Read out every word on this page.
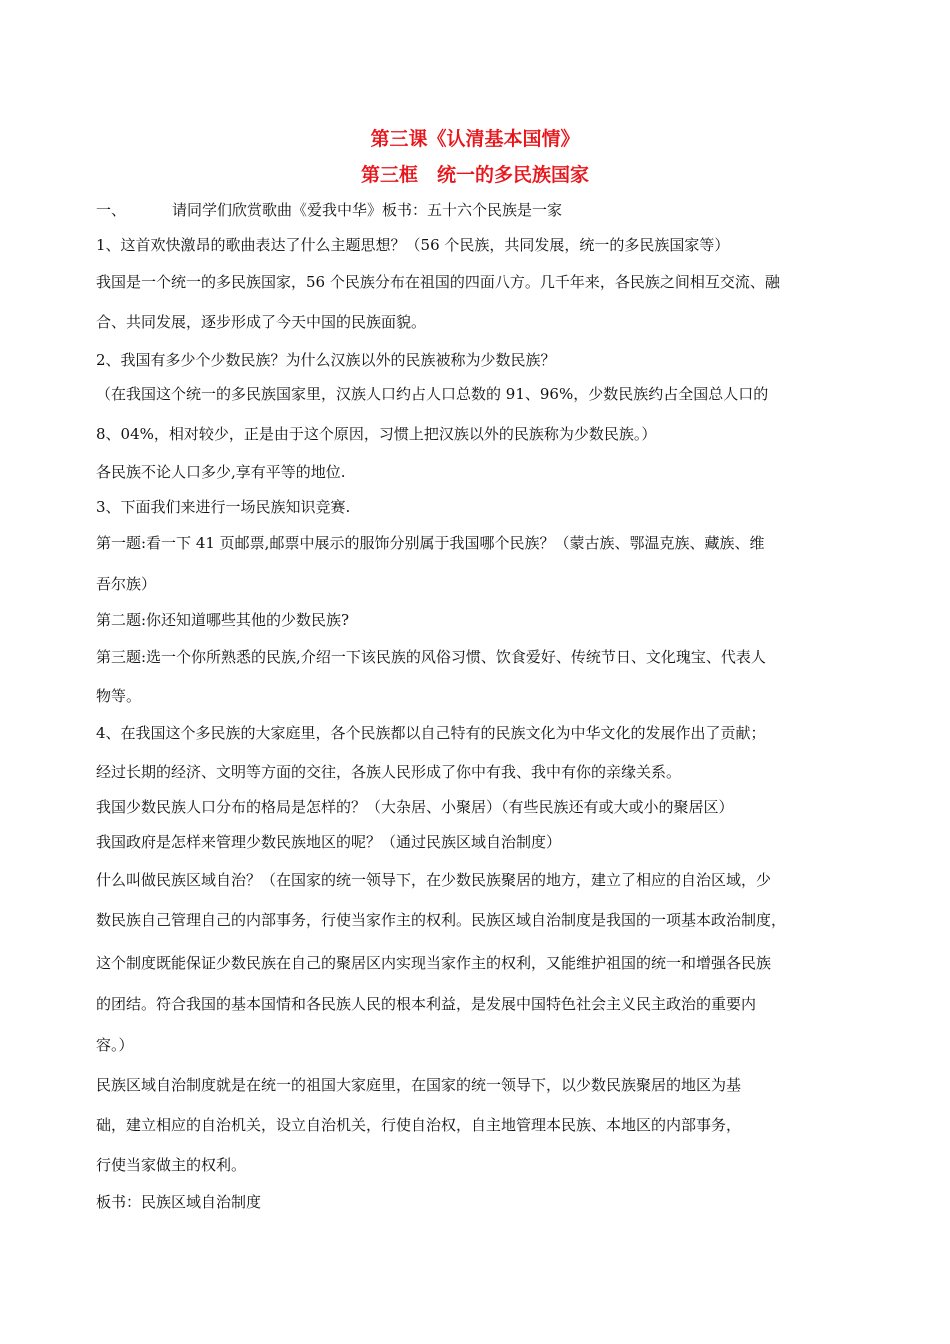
第三课《认清基本国情》
第三框　统一的多民族国家
一、	请同学们欣赏歌曲《爱我中华》板书：五十六个民族是一家
1、这首欢快激昂的歌曲表达了什么主题思想？（56 个民族，共同发展，统一的多民族国家等）
我国是一个统一的多民族国家，56 个民族分布在祖国的四面八方。几千年来，各民族之间相互交流、融
合、共同发展，逐步形成了今天中国的民族面貌。
2、我国有多少个少数民族？为什么汉族以外的民族被称为少数民族？
（在我国这个统一的多民族国家里，汉族人口约占人口总数的 91、96%，少数民族约占全国总人口的
8、04%，相对较少，正是由于这个原因，习惯上把汉族以外的民族称为少数民族。）
各民族不论人口多少,享有平等的地位.
3、下面我们来进行一场民族知识竞赛.
第一题:看一下 41 页邮票,邮票中展示的服饰分别属于我国哪个民族？（蒙古族、鄂温克族、藏族、维
吾尔族）
第二题:你还知道哪些其他的少数民族?
第三题:选一个你所熟悉的民族,介绍一下该民族的风俗习惯、饮食爱好、传统节日、文化瑰宝、代表人
物等。
4、在我国这个多民族的大家庭里，各个民族都以自己特有的民族文化为中华文化的发展作出了贡献；
经过长期的经济、文明等方面的交往，各族人民形成了你中有我、我中有你的亲缘关系。
我国少数民族人口分布的格局是怎样的？（大杂居、小聚居）（有些民族还有或大或小的聚居区）
我国政府是怎样来管理少数民族地区的呢？（通过民族区域自治制度）
什么叫做民族区域自治？（在国家的统一领导下，在少数民族聚居的地方，建立了相应的自治区域，少
数民族自己管理自己的内部事务，行使当家作主的权利。民族区域自治制度是我国的一项基本政治制度，
这个制度既能保证少数民族在自己的聚居区内实现当家作主的权利，又能维护祖国的统一和增强各民族
的团结。符合我国的基本国情和各民族人民的根本利益，是发展中国特色社会主义民主政治的重要内
容。）
民族区域自治制度就是在统一的祖国大家庭里，在国家的统一领导下，以少数民族聚居的地区为基
础，建立相应的自治机关，设立自治机关，行使自治权，自主地管理本民族、本地区的内部事务，
行使当家做主的权利。
板书：民族区域自治制度
